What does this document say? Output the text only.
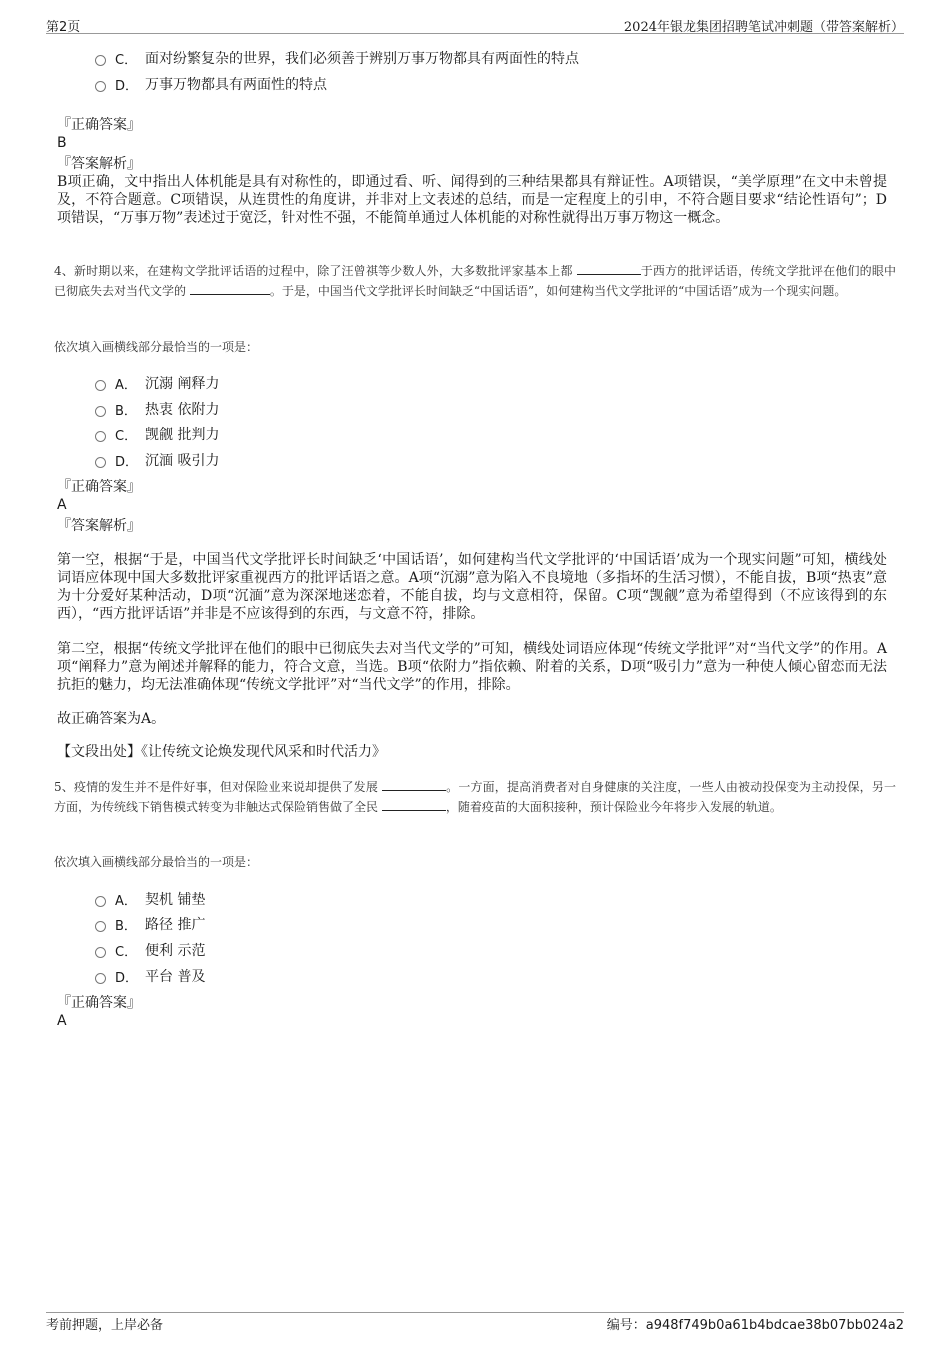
第2页	2024年银龙集团招聘笔试冲刺题（带答案解析）
C． 面对纷繁复杂的世界，我们必须善于辨别万事万物都具有两面性的特点
D． 万事万物都具有两面性的特点
『正确答案』
B
『答案解析』
B项正确，文中指出人体机能是具有对称性的，即通过看、听、闻得到的三种结果都具有辩证性。A项错误，“美学原理”在文中未曾提及，不符合题意。C项错误，从连贯性的角度讲，并非对上文表述的总结，而是一定程度上的引申，不符合题目要求“结论性语句”；D项错误，“万事万物”表述过于宽泛，针对性不强，不能简单通过人体机能的对称性就得出万事万物这一概念。
4、新时期以来，在建构文学批评话语的过程中，除了汪曾祺等少数人外，大多数批评家基本上都	于西方的批评话语，传统文学批评在他们的眼中已彻底失去对当代文学的	。于是，中国当代文学批评长时间缺乏“中国话语”，如何建构当代文学批评的“中国话语”成为一个现实问题。
依次填入画横线部分最恰当的一项是：
A． 沉溺 阐释力
B． 热衷 依附力
C． 觊觎 批判力
D． 沉湎 吸引力
『正确答案』
A
『答案解析』
第一空，根据“于是，中国当代文学批评长时间缺乏‘中国话语’，如何建构当代文学批评的‘中国话语’成为一个现实问题”可知，横线处词语应体现中国大多数批评家重视西方的批评话语之意。A项“沉溺”意为陷入不良境地（多指坏的生活习惯），不能自拔，B项“热衷”意为十分爱好某种活动，D项“沉湎”意为深深地迷恋着，不能自拔，均与文意相符，保留。C项“觊觎”意为希望得到（不应该得到的东西），“西方批评话语”并非是不应该得到的东西，与文意不符，排除。
第二空，根据“传统文学批评在他们的眼中已彻底失去对当代文学的”可知，横线处词语应体现“传统文学批评”对“当代文学”的作用。A项“阐释力”意为阐述并解释的能力，符合文意，当选。B项“依附力”指依赖、附着的关系，D项“吸引力”意为一种使人倾心留恋而无法抗拒的魅力，均无法准确体现“传统文学批评”对“当代文学”的作用，排除。
故正确答案为A。
【文段出处】《让传统文论焕发现代风采和时代活力》
5、疫情的发生并不是件好事，但对保险业来说却提供了发展	。一方面，提高消费者对自身健康的关注度，一些人由被动投保变为主动投保，另一方面，为传统线下销售模式转变为非触达式保险销售做了全民	，随着疫苗的大面积接种，预计保险业今年将步入发展的轨道。
依次填入画横线部分最恰当的一项是：
A． 契机 铺垫
B． 路径 推广
C． 便利 示范
D． 平台 普及
『正确答案』
A
考前押题，上岸必备	编号：a948f749b0a61b4bdcae38b07bb024a2
